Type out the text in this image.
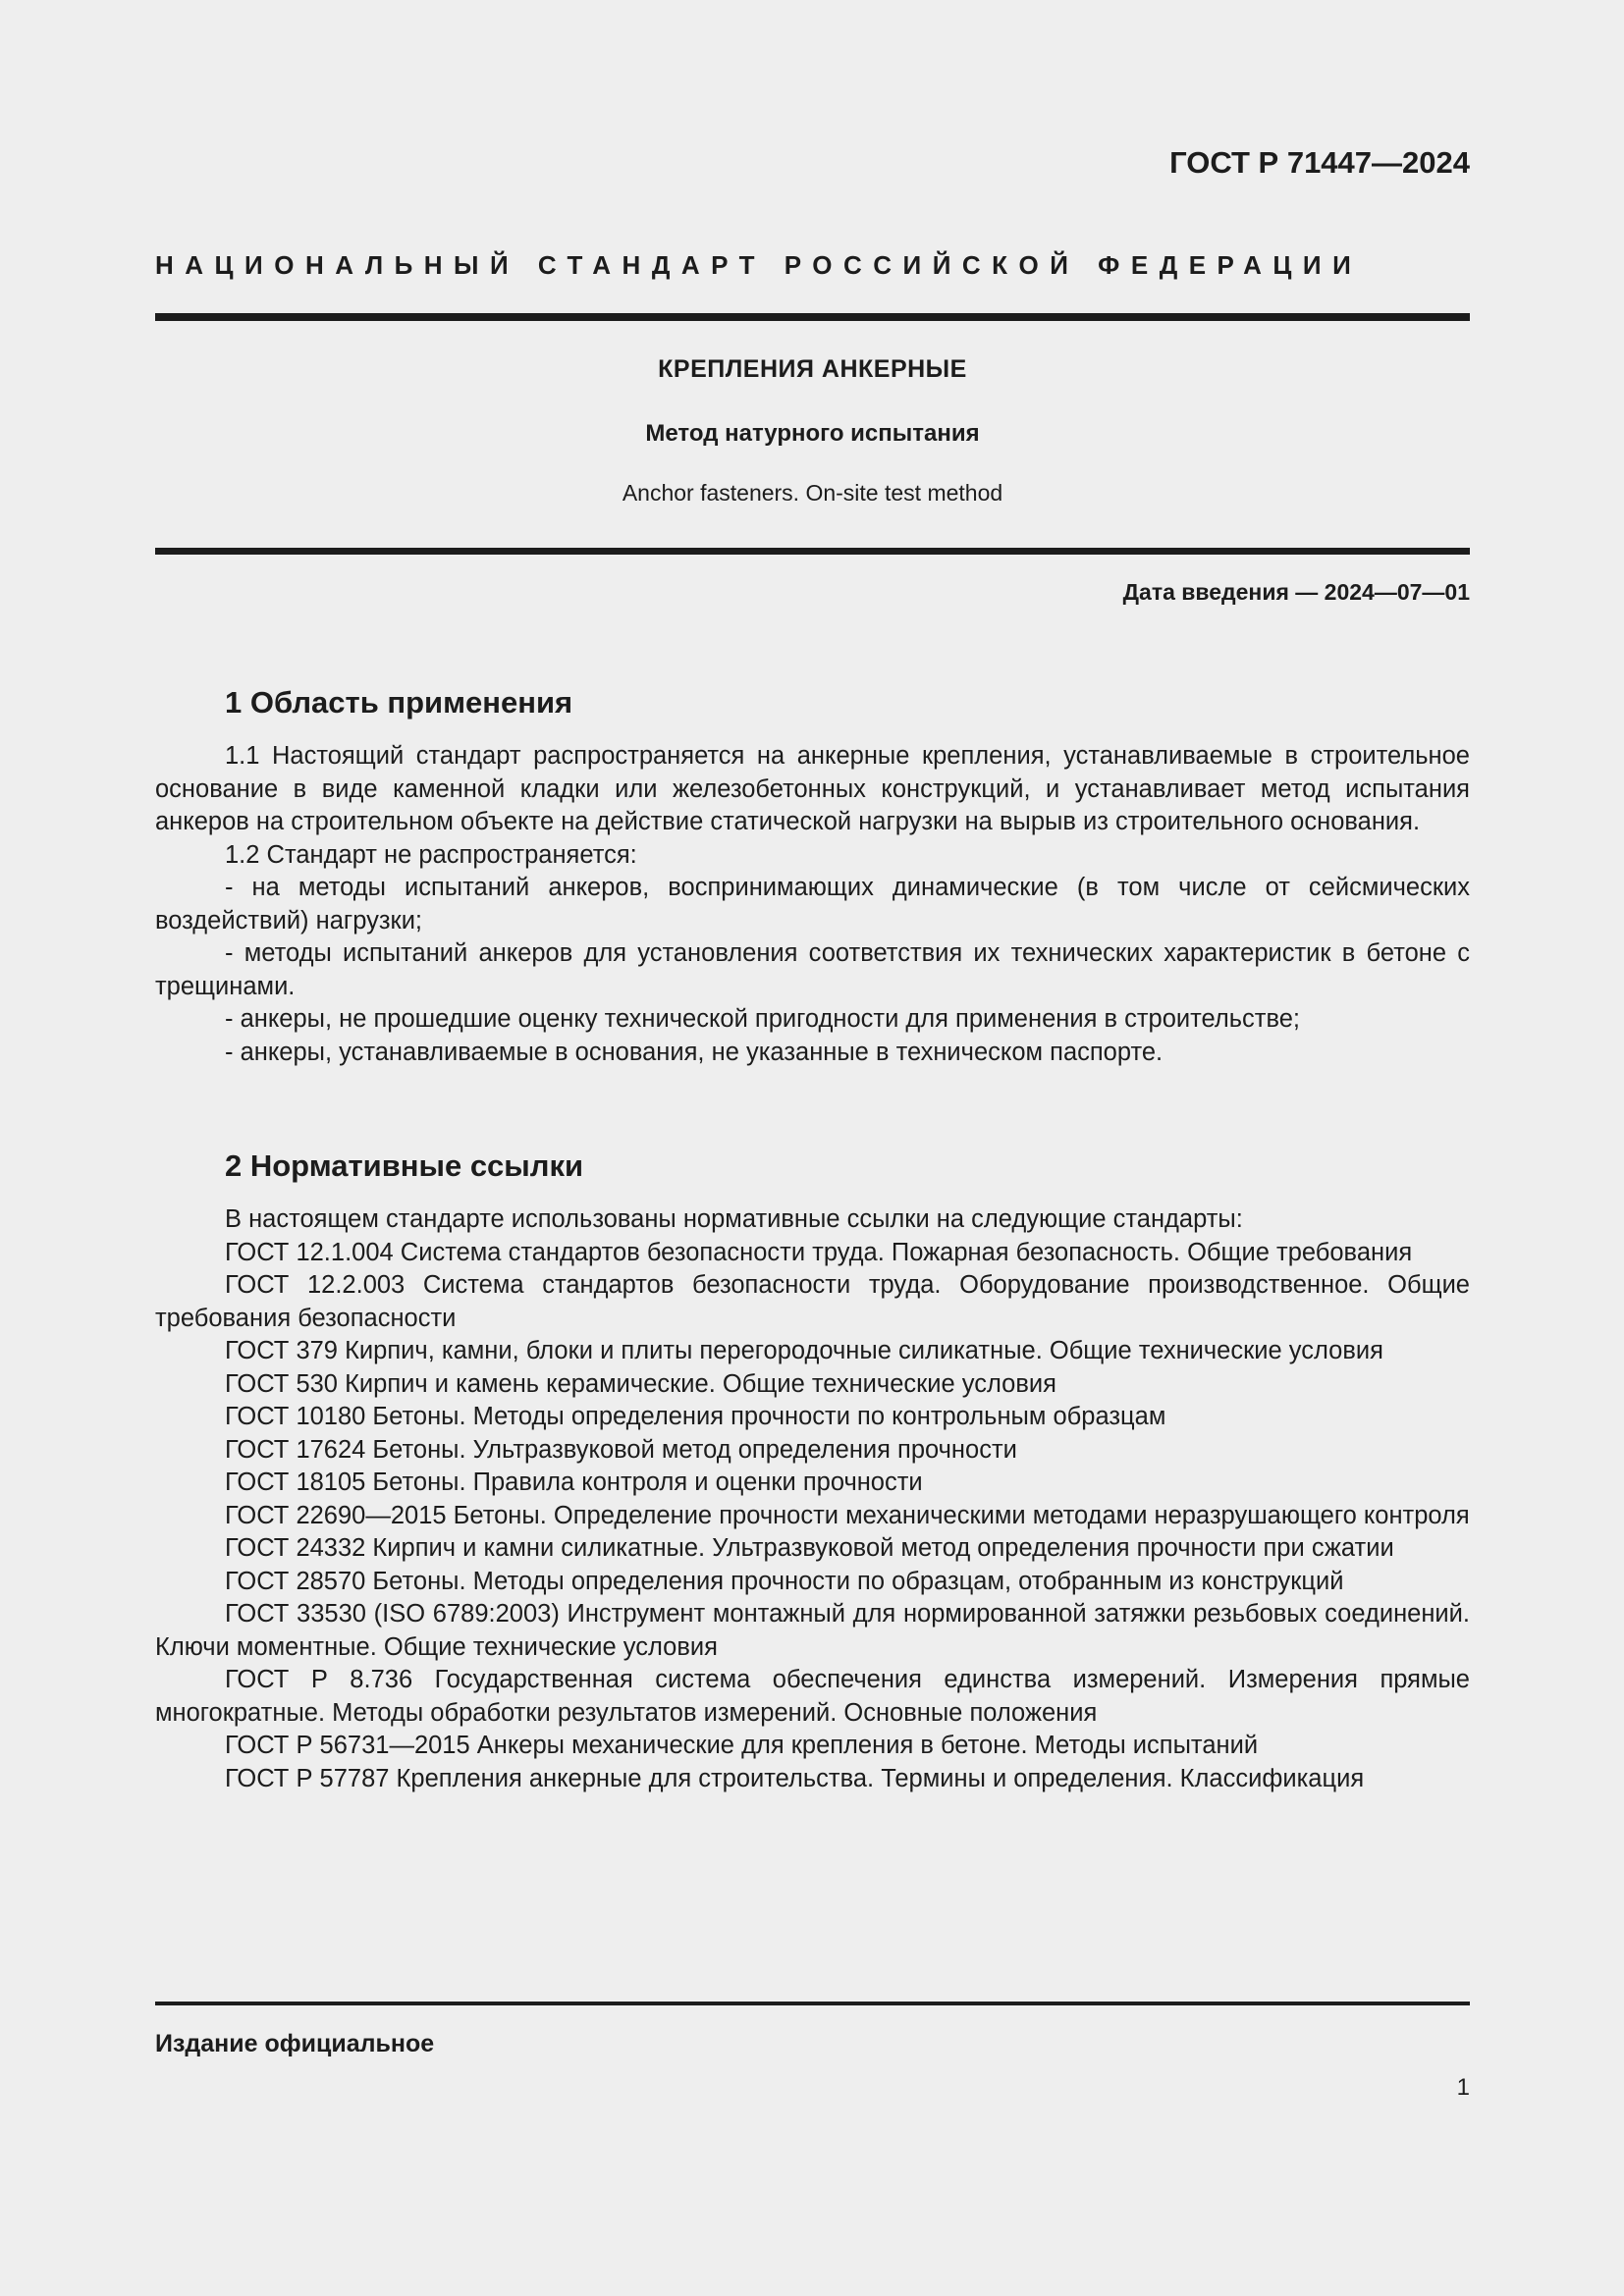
ГОСТ Р 71447—2024
НАЦИОНАЛЬНЫЙ СТАНДАРТ РОССИЙСКОЙ ФЕДЕРАЦИИ
КРЕПЛЕНИЯ АНКЕРНЫЕ
Метод натурного испытания
Anchor fasteners. On-site test method
Дата введения — 2024—07—01
1 Область применения

1.1 Настоящий стандарт распространяется на анкерные крепления, устанавливаемые в строительное основание в виде каменной кладки или железобетонных конструкций, и устанавливает метод испытания анкеров на строительном объекте на действие статической нагрузки на вырыв из строительного основания.

1.2 Стандарт не распространяется:

- на методы испытаний анкеров, воспринимающих динамические (в том числе от сейсмических воздействий) нагрузки;

- методы испытаний анкеров для установления соответствия их технических характеристик в бетоне с трещинами.

- анкеры, не прошедшие оценку технической пригодности для применения в строительстве;

- анкеры, устанавливаемые в основания, не указанные в техническом паспорте.

2 Нормативные ссылки

В настоящем стандарте использованы нормативные ссылки на следующие стандарты:

ГОСТ 12.1.004 Система стандартов безопасности труда. Пожарная безопасность. Общие требования

ГОСТ 12.2.003 Система стандартов безопасности труда. Оборудование производственное. Общие требования безопасности

ГОСТ 379 Кирпич, камни, блоки и плиты перегородочные силикатные. Общие технические условия

ГОСТ 530 Кирпич и камень керамические. Общие технические условия

ГОСТ 10180 Бетоны. Методы определения прочности по контрольным образцам

ГОСТ 17624 Бетоны. Ультразвуковой метод определения прочности

ГОСТ 18105 Бетоны. Правила контроля и оценки прочности

ГОСТ 22690—2015 Бетоны. Определение прочности механическими методами неразрушающего контроля

ГОСТ 24332 Кирпич и камни силикатные. Ультразвуковой метод определения прочности при сжатии

ГОСТ 28570 Бетоны. Методы определения прочности по образцам, отобранным из конструкций

ГОСТ 33530 (ISO 6789:2003) Инструмент монтажный для нормированной затяжки резьбовых соединений. Ключи моментные. Общие технические условия

ГОСТ Р 8.736 Государственная система обеспечения единства измерений. Измерения прямые многократные. Методы обработки результатов измерений. Основные положения

ГОСТ Р 56731—2015 Анкеры механические для крепления в бетоне. Методы испытаний

ГОСТ Р 57787 Крепления анкерные для строительства. Термины и определения. Классификация

Издание официальное
1
